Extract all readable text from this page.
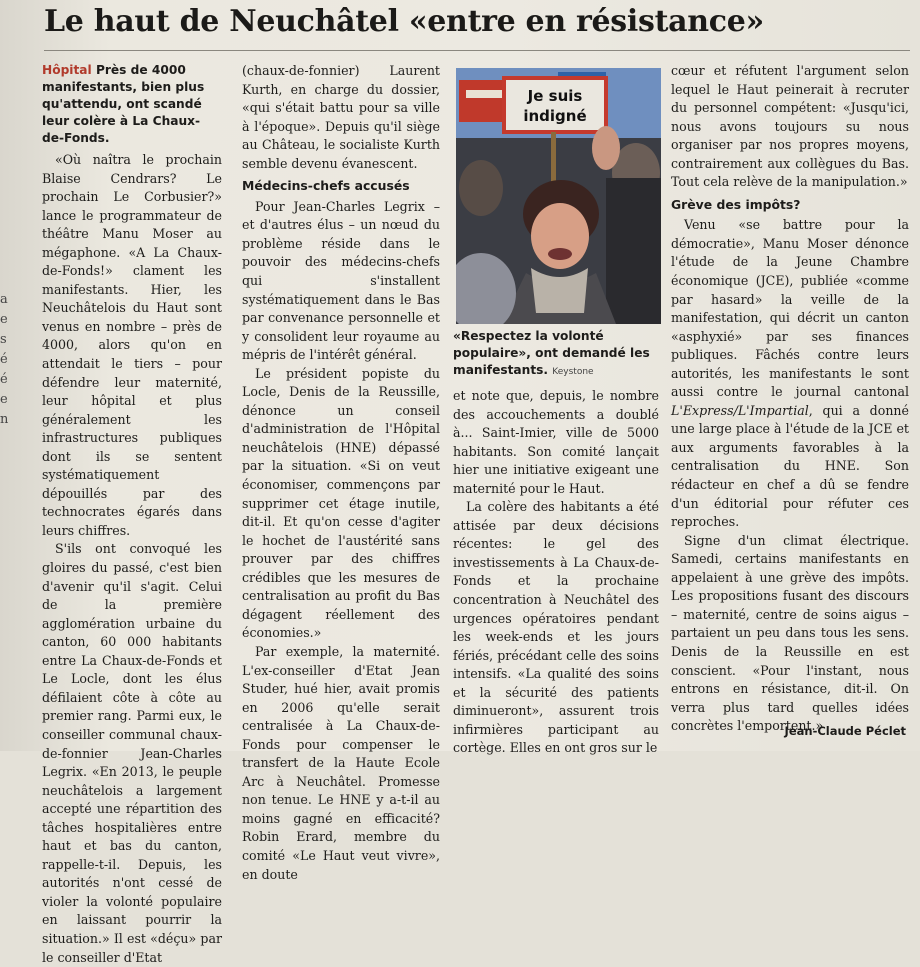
Le haut de Neuchâtel «entre en résistance»
a
e
s
é
é
e
n

Hôpital Près de 4000 manifestants, bien plus qu'attendu, ont scandé leur colère à La Chaux-de-Fonds.

«Où naîtra le prochain Blaise Cendrars? Le prochain Le Corbusier?» lance le programmateur de théâtre Manu Moser au mégaphone. «A La Chaux-de-Fonds!» clament les manifestants. Hier, les Neuchâtelois du Haut sont venus en nombre – près de 4000, alors qu'on en attendait le tiers – pour défendre leur maternité, leur hôpital et plus généralement les infrastructures publiques dont ils se sentent systématiquement dépouillés par des technocrates égarés dans leurs chiffres.

S'ils ont convoqué les gloires du passé, c'est bien d'avenir qu'il s'agit. Celui de la première agglomération urbaine du canton, 60 000 habitants entre La Chaux-de-Fonds et Le Locle, dont les élus défilaient côte à côte au premier rang. Parmi eux, le conseiller communal chaux-de-fonnier Jean-Charles Legrix. «En 2013, le peuple neuchâtelois a largement accepté une répartition des tâches hospitalières entre haut et bas du canton, rappelle-t-il. Depuis, les autorités n'ont cessé de violer la volonté populaire en laissant pourrir la situation.» Il est «déçu» par le conseiller d'Etat

(chaux-de-fonnier) Laurent Kurth, en charge du dossier, «qui s'était battu pour sa ville à l'époque». Depuis qu'il siège au Château, le socialiste Kurth semble devenu évanescent.

Médecins-chefs accusés

Pour Jean-Charles Legrix – et d'autres élus – un nœud du problème réside dans le pouvoir des médecins-chefs qui s'installent systématiquement dans le Bas par convenance personnelle et y consolident leur royaume au mépris de l'intérêt général.

Le président popiste du Locle, Denis de la Reussille, dénonce un conseil d'administration de l'Hôpital neuchâtelois (HNE) dépassé par la situation. «Si on veut économiser, commençons par supprimer cet étage inutile, dit-il. Et qu'on cesse d'agiter le hochet de l'austérité sans prouver par des chiffres crédibles que les mesures de centralisation au profit du Bas dégagent réellement des économies.»

Par exemple, la maternité. L'ex-conseiller d'Etat Jean Studer, hué hier, avait promis en 2006 qu'elle serait centralisée à La Chaux-de-Fonds pour compenser le transfert de la Haute Ecole Arc à Neuchâtel. Promesse non tenue. Le HNE y a-t-il au moins gagné en efficacité? Robin Erard, membre du comité «Le Haut veut vivre», en doute

Je suis
indigné
«Respectez la volonté populaire», ont demandé les manifestants. Keystone

et note que, depuis, le nombre des accouchements a doublé à... Saint-Imier, ville de 5000 habitants. Son comité lançait hier une initiative exigeant une maternité pour le Haut.

La colère des habitants a été attisée par deux décisions récentes: le gel des investissements à La Chaux-de-Fonds et la prochaine concentration à Neuchâtel des urgences opératoires pendant les week-ends et les jours fériés, précédant celle des soins intensifs. «La qualité des soins et la sécurité des patients diminueront», assurent trois infirmières participant au cortège. Elles en ont gros sur le

cœur et réfutent l'argument selon lequel le Haut peinerait à recruter du personnel compétent: «Jusqu'ici, nous avons toujours su nous organiser par nos propres moyens, contrairement aux collègues du Bas. Tout cela relève de la manipulation.»

Grève des impôts?

Venu «se battre pour la démocratie», Manu Moser dénonce l'étude de la Jeune Chambre économique (JCE), publiée «comme par hasard» la veille de la manifestation, qui décrit un canton «asphyxié» par ses finances publiques. Fâchés contre leurs autorités, les manifestants le sont aussi contre le journal cantonal L'Express/L'Impartial, qui a donné une large place à l'étude de la JCE et aux arguments favorables à la centralisation du HNE. Son rédacteur en chef a dû se fendre d'un éditorial pour réfuter ces reproches.

Signe d'un climat électrique. Samedi, certains manifestants en appelaient à une grève des impôts. Les propositions fusant des discours – maternité, centre de soins aigus – partaient un peu dans tous les sens. Denis de la Reussille en est conscient. «Pour l'instant, nous entrons en résistance, dit-il. On verra plus tard quelles idées concrètes l'emportent.»

Jean-Claude Péclet
